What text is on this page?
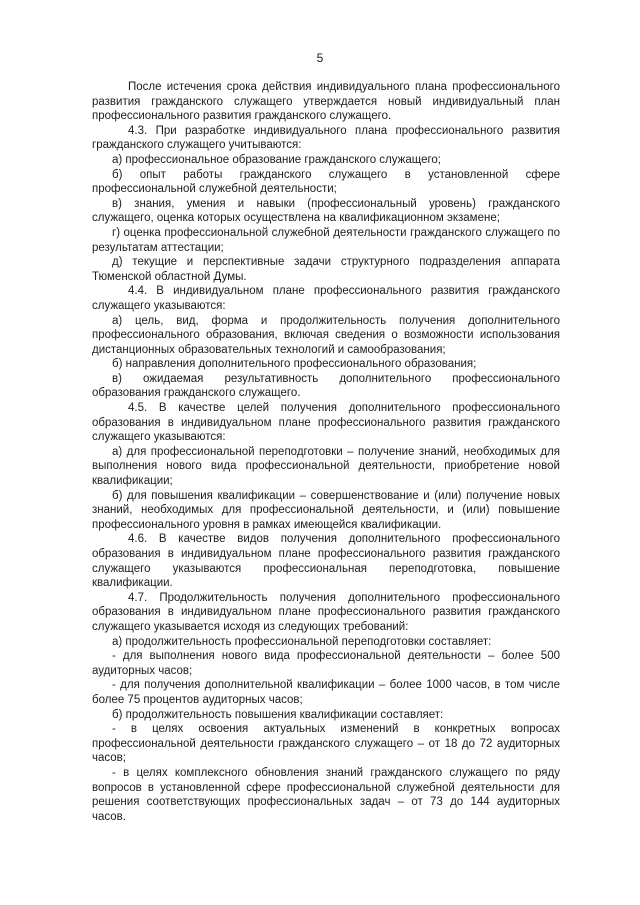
5

После истечения срока действия индивидуального плана профессионального развития гражданского служащего утверждается новый индивидуальный план профессионального развития гражданского служащего.

4.3. При разработке индивидуального плана профессионального развития гражданского служащего учитываются:

а) профессиональное образование гражданского служащего;

б) опыт работы гражданского служащего в установленной сфере профессиональной служебной деятельности;

в) знания, умения и навыки (профессиональный уровень) гражданского служащего, оценка которых осуществлена на квалификационном экзамене;

г) оценка профессиональной служебной деятельности гражданского служащего по результатам аттестации;

д) текущие и перспективные задачи структурного подразделения аппарата Тюменской областной Думы.

4.4. В индивидуальном плане профессионального развития гражданского служащего указываются:

а) цель, вид, форма и продолжительность получения дополнительного профессионального образования, включая сведения о возможности использования дистанционных образовательных технологий и самообразования;

б) направления дополнительного профессионального образования;

в) ожидаемая результативность дополнительного профессионального образования гражданского служащего.

4.5. В качестве целей получения дополнительного профессионального образования в индивидуальном плане профессионального развития гражданского служащего указываются:

а) для профессиональной переподготовки – получение знаний, необходимых для выполнения нового вида профессиональной деятельности, приобретение новой квалификации;

б) для повышения квалификации – совершенствование и (или) получение новых знаний, необходимых для профессиональной деятельности, и (или) повышение профессионального уровня в рамках имеющейся квалификации.

4.6. В качестве видов получения дополнительного профессионального образования в индивидуальном плане профессионального развития гражданского служащего указываются профессиональная переподготовка, повышение квалификации.

4.7. Продолжительность получения дополнительного профессионального образования в индивидуальном плане профессионального развития гражданского служащего указывается исходя из следующих требований:

а) продолжительность профессиональной переподготовки составляет:

- для выполнения нового вида профессиональной деятельности – более 500 аудиторных часов;

- для получения дополнительной квалификации – более 1000 часов, в том числе более 75 процентов аудиторных часов;

б) продолжительность повышения квалификации составляет:

- в целях освоения актуальных изменений в конкретных вопросах профессиональной деятельности гражданского служащего – от 18 до 72 аудиторных часов;

- в целях комплексного обновления знаний гражданского служащего по ряду вопросов в установленной сфере профессиональной служебной деятельности для решения соответствующих профессиональных задач – от 73 до 144 аудиторных часов.
